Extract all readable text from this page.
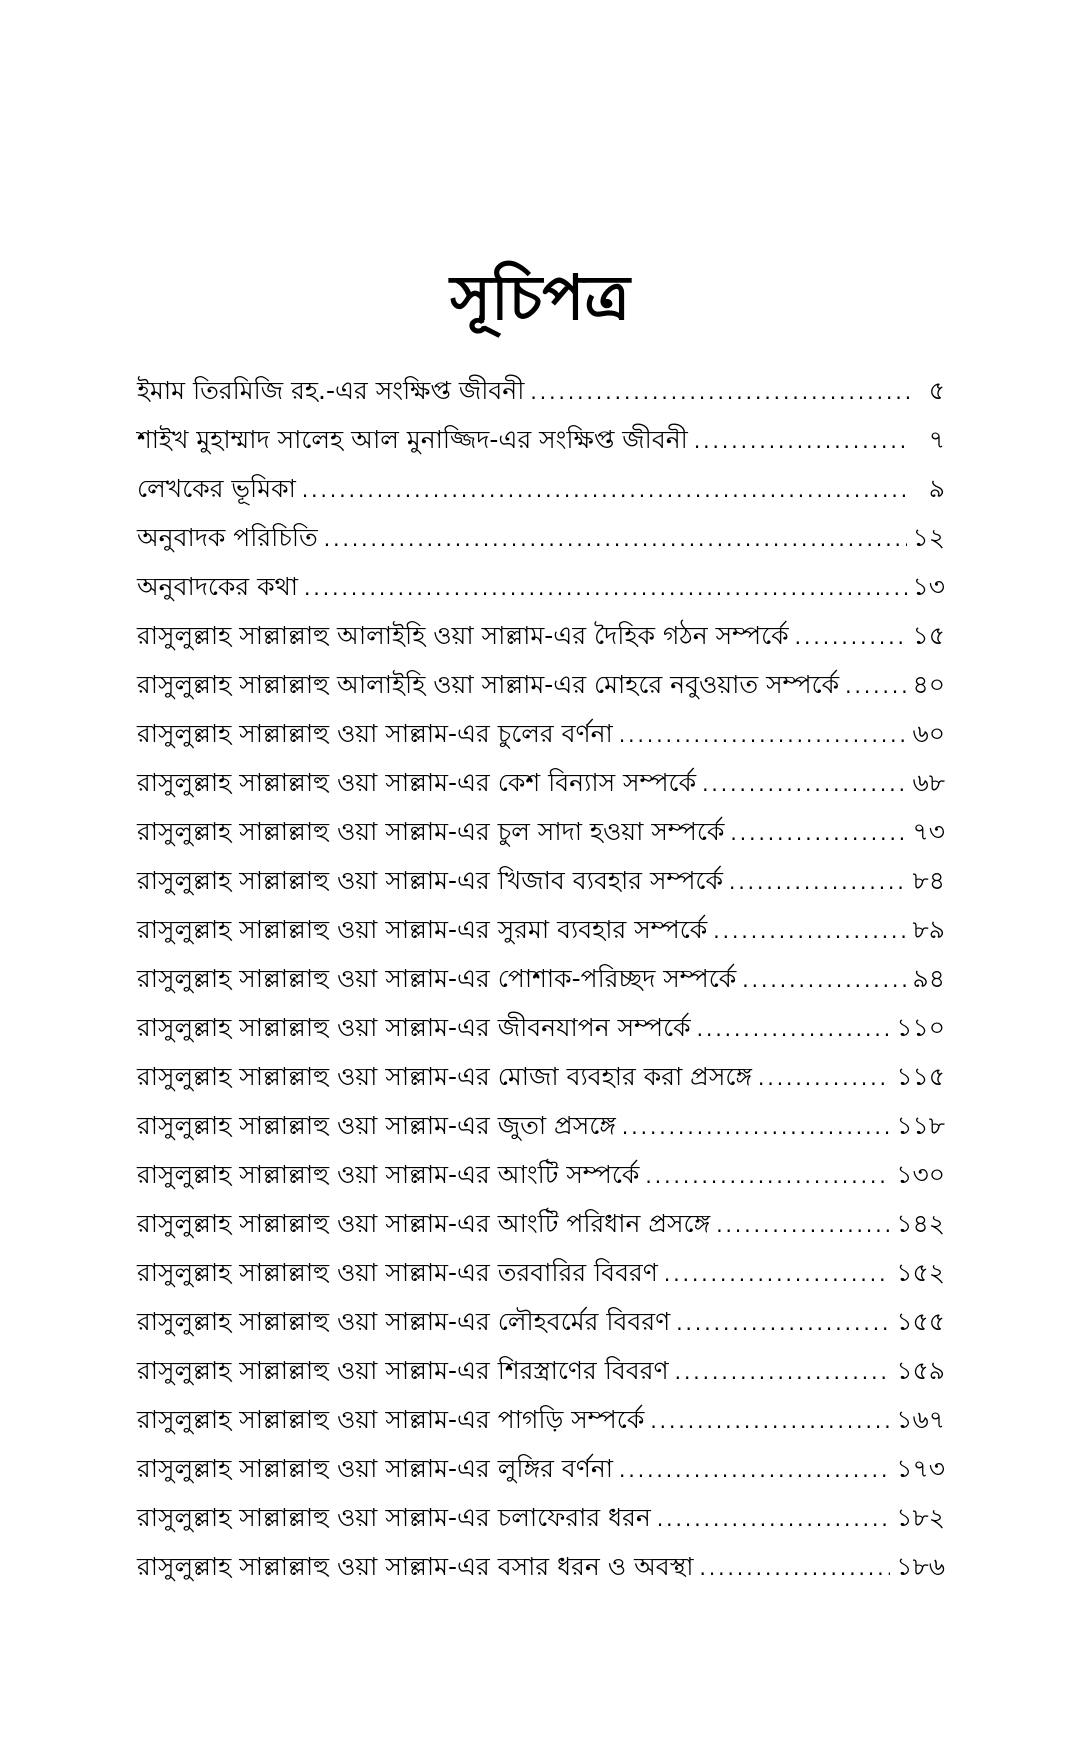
সূচিপত্র
ইমাম তিরমিজি রহ.-এর সংক্ষিপ্ত জীবনী .....	৫
শাইখ মুহাম্মাদ সালেহ আল মুনাজ্জিদ-এর সংক্ষিপ্ত জীবনী .....	৭
লেখকের ভূমিকা .....	৯
অনুবাদক পরিচিতি .....	১২
অনুবাদকের কথা .....	১৩
রাসুলুল্লাহ সাল্লাল্লাহু আলাইহি ওয়া সাল্লাম-এর দৈহিক গঠন সম্পর্কে .....	১৫
রাসুলুল্লাহ সাল্লাল্লাহু আলাইহি ওয়া সাল্লাম-এর মোহরে নবুওয়াত সম্পর্কে .....	৪০
রাসুলুল্লাহ সাল্লাল্লাহু ওয়া সাল্লাম-এর চুলের বর্ণনা .....	৬০
রাসুলুল্লাহ সাল্লাল্লাহু ওয়া সাল্লাম-এর কেশ বিন্যাস সম্পর্কে .....	৬৮
রাসুলুল্লাহ সাল্লাল্লাহু ওয়া সাল্লাম-এর চুল সাদা হওয়া সম্পর্কে .....	৭৩
রাসুলুল্লাহ সাল্লাল্লাহু ওয়া সাল্লাম-এর খিজাব ব্যবহার সম্পর্কে .....	৮৪
রাসুলুল্লাহ সাল্লাল্লাহু ওয়া সাল্লাম-এর সুরমা ব্যবহার সম্পর্কে .....	৮৯
রাসুলুল্লাহ সাল্লাল্লাহু ওয়া সাল্লাম-এর পোশাক-পরিচ্ছদ সম্পর্কে .....	৯৪
রাসুলুল্লাহ সাল্লাল্লাহু ওয়া সাল্লাম-এর জীবনযাপন সম্পর্কে .....	১১০
রাসুলুল্লাহ সাল্লাল্লাহু ওয়া সাল্লাম-এর মোজা ব্যবহার করা প্রসঙ্গে .....	১১৫
রাসুলুল্লাহ সাল্লাল্লাহু ওয়া সাল্লাম-এর জুতা প্রসঙ্গে .....	১১৮
রাসুলুল্লাহ সাল্লাল্লাহু ওয়া সাল্লাম-এর আংটি সম্পর্কে .....	১৩০
রাসুলুল্লাহ সাল্লাল্লাহু ওয়া সাল্লাম-এর আংটি পরিধান প্রসঙ্গে .....	১৪২
রাসুলুল্লাহ সাল্লাল্লাহু ওয়া সাল্লাম-এর তরবারির বিবরণ .....	১৫২
রাসুলুল্লাহ সাল্লাল্লাহু ওয়া সাল্লাম-এর লৌহবর্মের বিবরণ .....	১৫৫
রাসুলুল্লাহ সাল্লাল্লাহু ওয়া সাল্লাম-এর শিরস্ত্রাণের বিবরণ .....	১৫৯
রাসুলুল্লাহ সাল্লাল্লাহু ওয়া সাল্লাম-এর পাগড়ি সম্পর্কে .....	১৬৭
রাসুলুল্লাহ সাল্লাল্লাহু ওয়া সাল্লাম-এর লুঙ্গির বর্ণনা .....	১৭৩
রাসুলুল্লাহ সাল্লাল্লাহু ওয়া সাল্লাম-এর চলাফেরার ধরন .....	১৮২
রাসুলুল্লাহ সাল্লাল্লাহু ওয়া সাল্লাম-এর বসার ধরন ও অবস্থা .....	১৮৬
